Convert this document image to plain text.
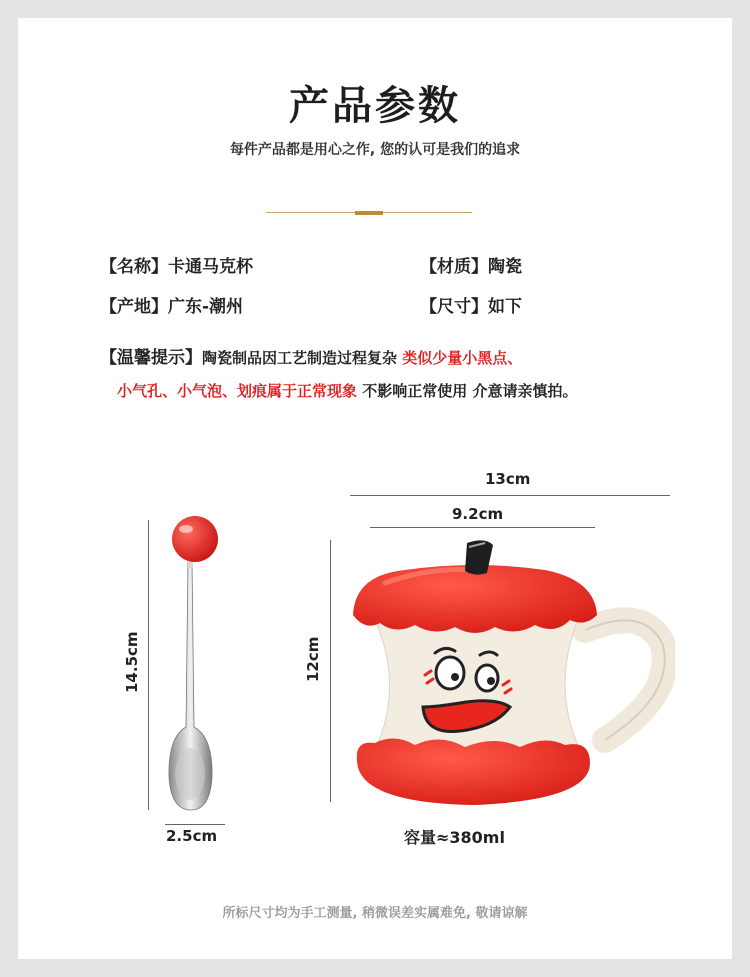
产品参数
每件产品都是用心之作, 您的认可是我们的追求
【名称】卡通马克杯	【材质】陶瓷
【产地】广东-潮州	【尺寸】如下
【温馨提示】陶瓷制品因工艺制造过程复杂 类似少量小黑点、
小气孔、小气泡、划痕属于正常现象 不影响正常使用 介意请亲慎拍。
13cm
9.2cm
12cm
14.5cm
2.5cm	容量≈380ml
所标尺寸均为手工测量, 稍微误差实属难免, 敬请谅解
